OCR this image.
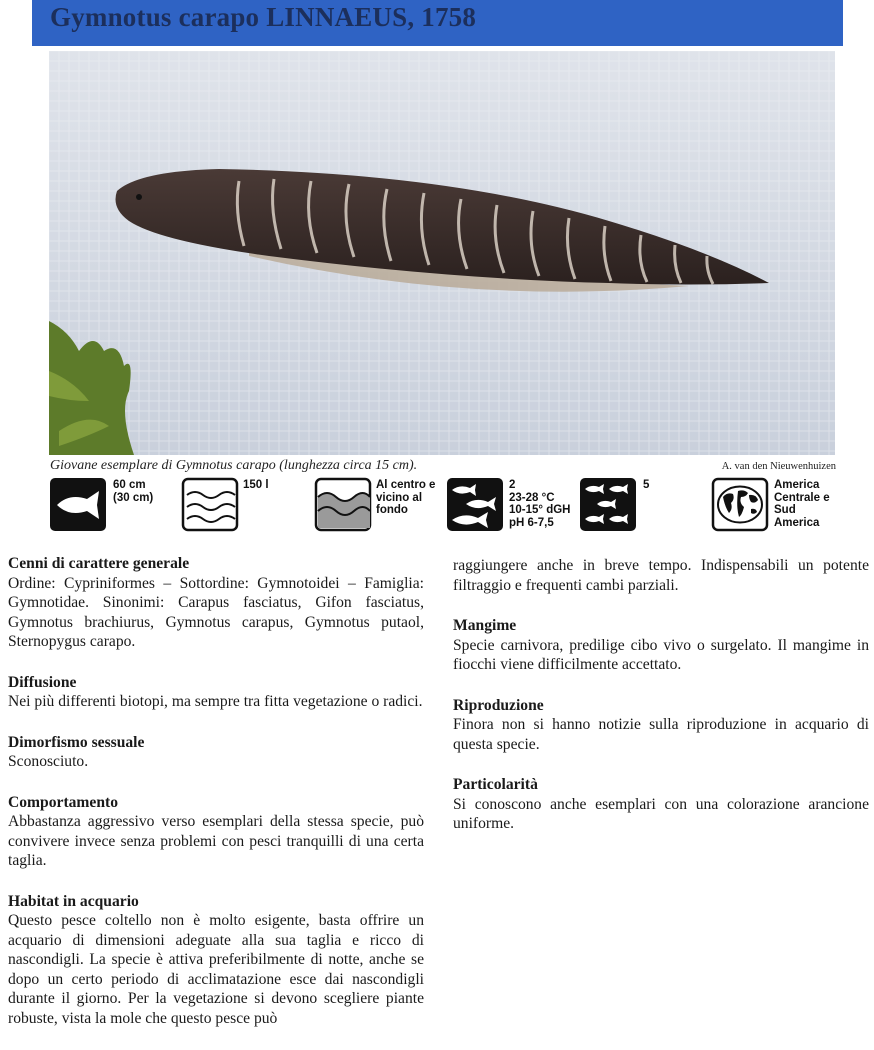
Gymnotus carapo LINNAEUS, 1758
Giovane esemplare di Gymnotus carapo (lunghezza circa 15 cm).	A. van den Nieuwenhuizen
60 cm
(30 cm)
150 l	Al centro e
vicino al
fondo
2
23-28 °C
10-15° dGH
pH 6-7,5
5	America
Centrale e
Sud
America
Cenni di carattere generale

Ordine: Cypriniformes – Sottordine: Gymnotoidei – Famiglia: Gymnotidae. Sinonimi: Carapus fasciatus, Gifon fasciatus, Gymnotus brachiurus, Gymnotus carapus, Gymnotus putaol, Sternopygus carapo.

Diffusione

Nei più differenti biotopi, ma sempre tra fitta vegetazione o radici.

Dimorfismo sessuale

Sconosciuto.

Comportamento

Abbastanza aggressivo verso esemplari della stessa specie, può convivere invece senza problemi con pesci tranquilli di una certa taglia.

Habitat in acquario

Questo pesce coltello non è molto esigente, basta offrire un acquario di dimensioni adeguate alla sua taglia e ricco di nascondigli. La specie è attiva preferibilmente di notte, anche se dopo un certo periodo di acclimatazione esce dai nascondigli durante il giorno. Per la vegetazione si devono scegliere piante robuste, vista la mole che questo pesce può

raggiungere anche in breve tempo. Indispensabili un potente filtraggio e frequenti cambi parziali.

Mangime

Specie carnivora, predilige cibo vivo o surgelato. Il mangime in fiocchi viene difficilmente accettato.

Riproduzione

Finora non si hanno notizie sulla riproduzione in acquario di questa specie.

Particolarità

Si conoscono anche esemplari con una colorazione arancione uniforme.
